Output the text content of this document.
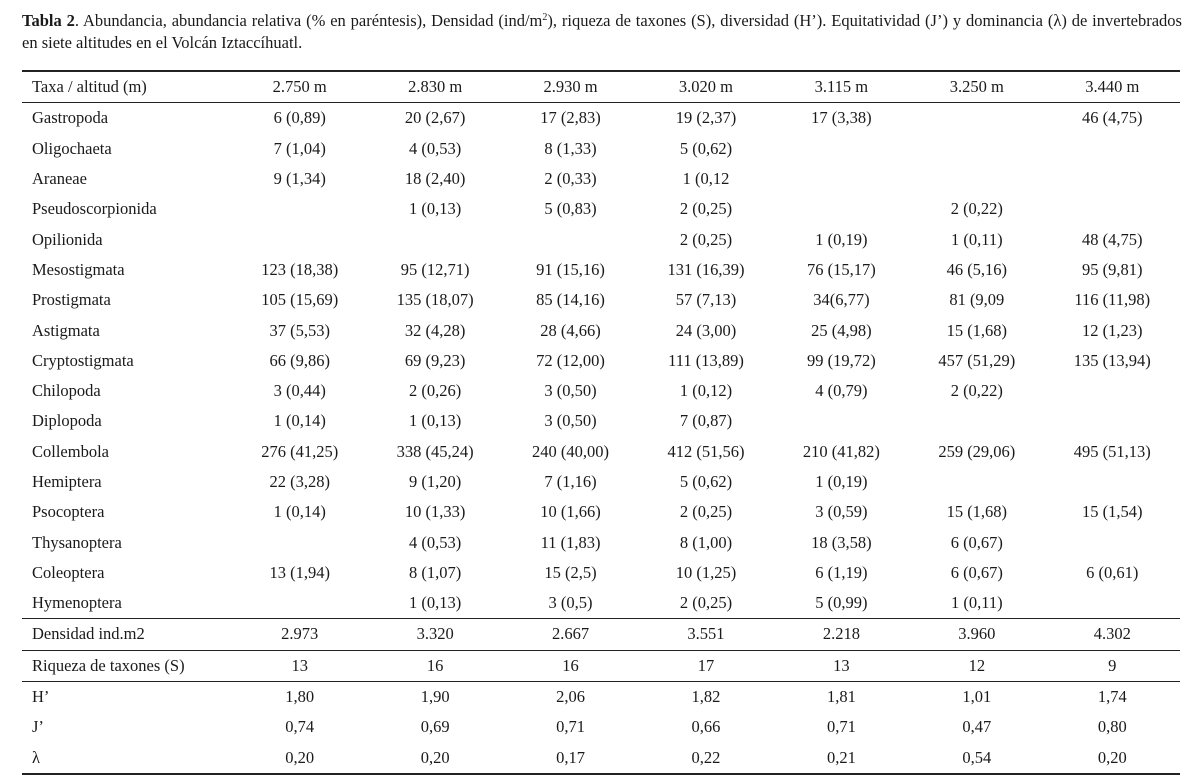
Tabla 2. Abundancia, abundancia relativa (% en paréntesis), Densidad $(ind/m^2)$, riqueza de taxones (S), diversidad (H’). Equitatividad (J’) y dominancia (λ) de invertebrados en siete altitudes en el Volcán Iztaccíhuatl.
Taxa / altitud (m)	2.750 m	2.830 m	2.930 m	3.020 m	3.115 m	3.250 m	3.440 m
Gastropoda	6 (0,89)	20 (2,67)	17 (2,83)	19 (2,37)	17 (3,38)		46 (4,75)
Oligochaeta	7 (1,04)	4 (0,53)	8 (1,33)	5 (0,62)			
Araneae	9 (1,34)	18 (2,40)	2 (0,33)	1 (0,12			
Pseudoscorpionida		1 (0,13)	5 (0,83)	2 (0,25)		2 (0,22)	
Opilionida				2 (0,25)	1 (0,19)	1 (0,11)	48 (4,75)
Mesostigmata	123 (18,38)	95 (12,71)	91 (15,16)	131 (16,39)	76 (15,17)	46 (5,16)	95 (9,81)
Prostigmata	105 (15,69)	135 (18,07)	85 (14,16)	57 (7,13)	34(6,77)	81 (9,09	116 (11,98)
Astigmata	37 (5,53)	32 (4,28)	28 (4,66)	24 (3,00)	25 (4,98)	15 (1,68)	12 (1,23)
Cryptostigmata	66 (9,86)	69 (9,23)	72 (12,00)	111 (13,89)	99 (19,72)	457 (51,29)	135 (13,94)
Chilopoda	3 (0,44)	2 (0,26)	3 (0,50)	1 (0,12)	4 (0,79)	2 (0,22)	
Diplopoda	1 (0,14)	1 (0,13)	3 (0,50)	7 (0,87)			
Collembola	276 (41,25)	338 (45,24)	240 (40,00)	412 (51,56)	210 (41,82)	259 (29,06)	495 (51,13)
Hemiptera	22 (3,28)	9 (1,20)	7 (1,16)	5 (0,62)	1 (0,19)		
Psocoptera	1 (0,14)	10 (1,33)	10 (1,66)	2 (0,25)	3 (0,59)	15 (1,68)	15 (1,54)
Thysanoptera		4 (0,53)	11 (1,83)	8 (1,00)	18 (3,58)	6 (0,67)	
Coleoptera	13 (1,94)	8 (1,07)	15 (2,5)	10 (1,25)	6 (1,19)	6 (0,67)	6 (0,61)
Hymenoptera		1 (0,13)	3 (0,5)	2 (0,25)	5 (0,99)	1 (0,11)	
Densidad ind.m2	2.973	3.320	2.667	3.551	2.218	3.960	4.302
Riqueza de taxones (S)	13	16	16	17	13	12	9
H’	1,80	1,90	2,06	1,82	1,81	1,01	1,74
J’	0,74	0,69	0,71	0,66	0,71	0,47	0,80
λ	0,20	0,20	0,17	0,22	0,21	0,54	0,20
